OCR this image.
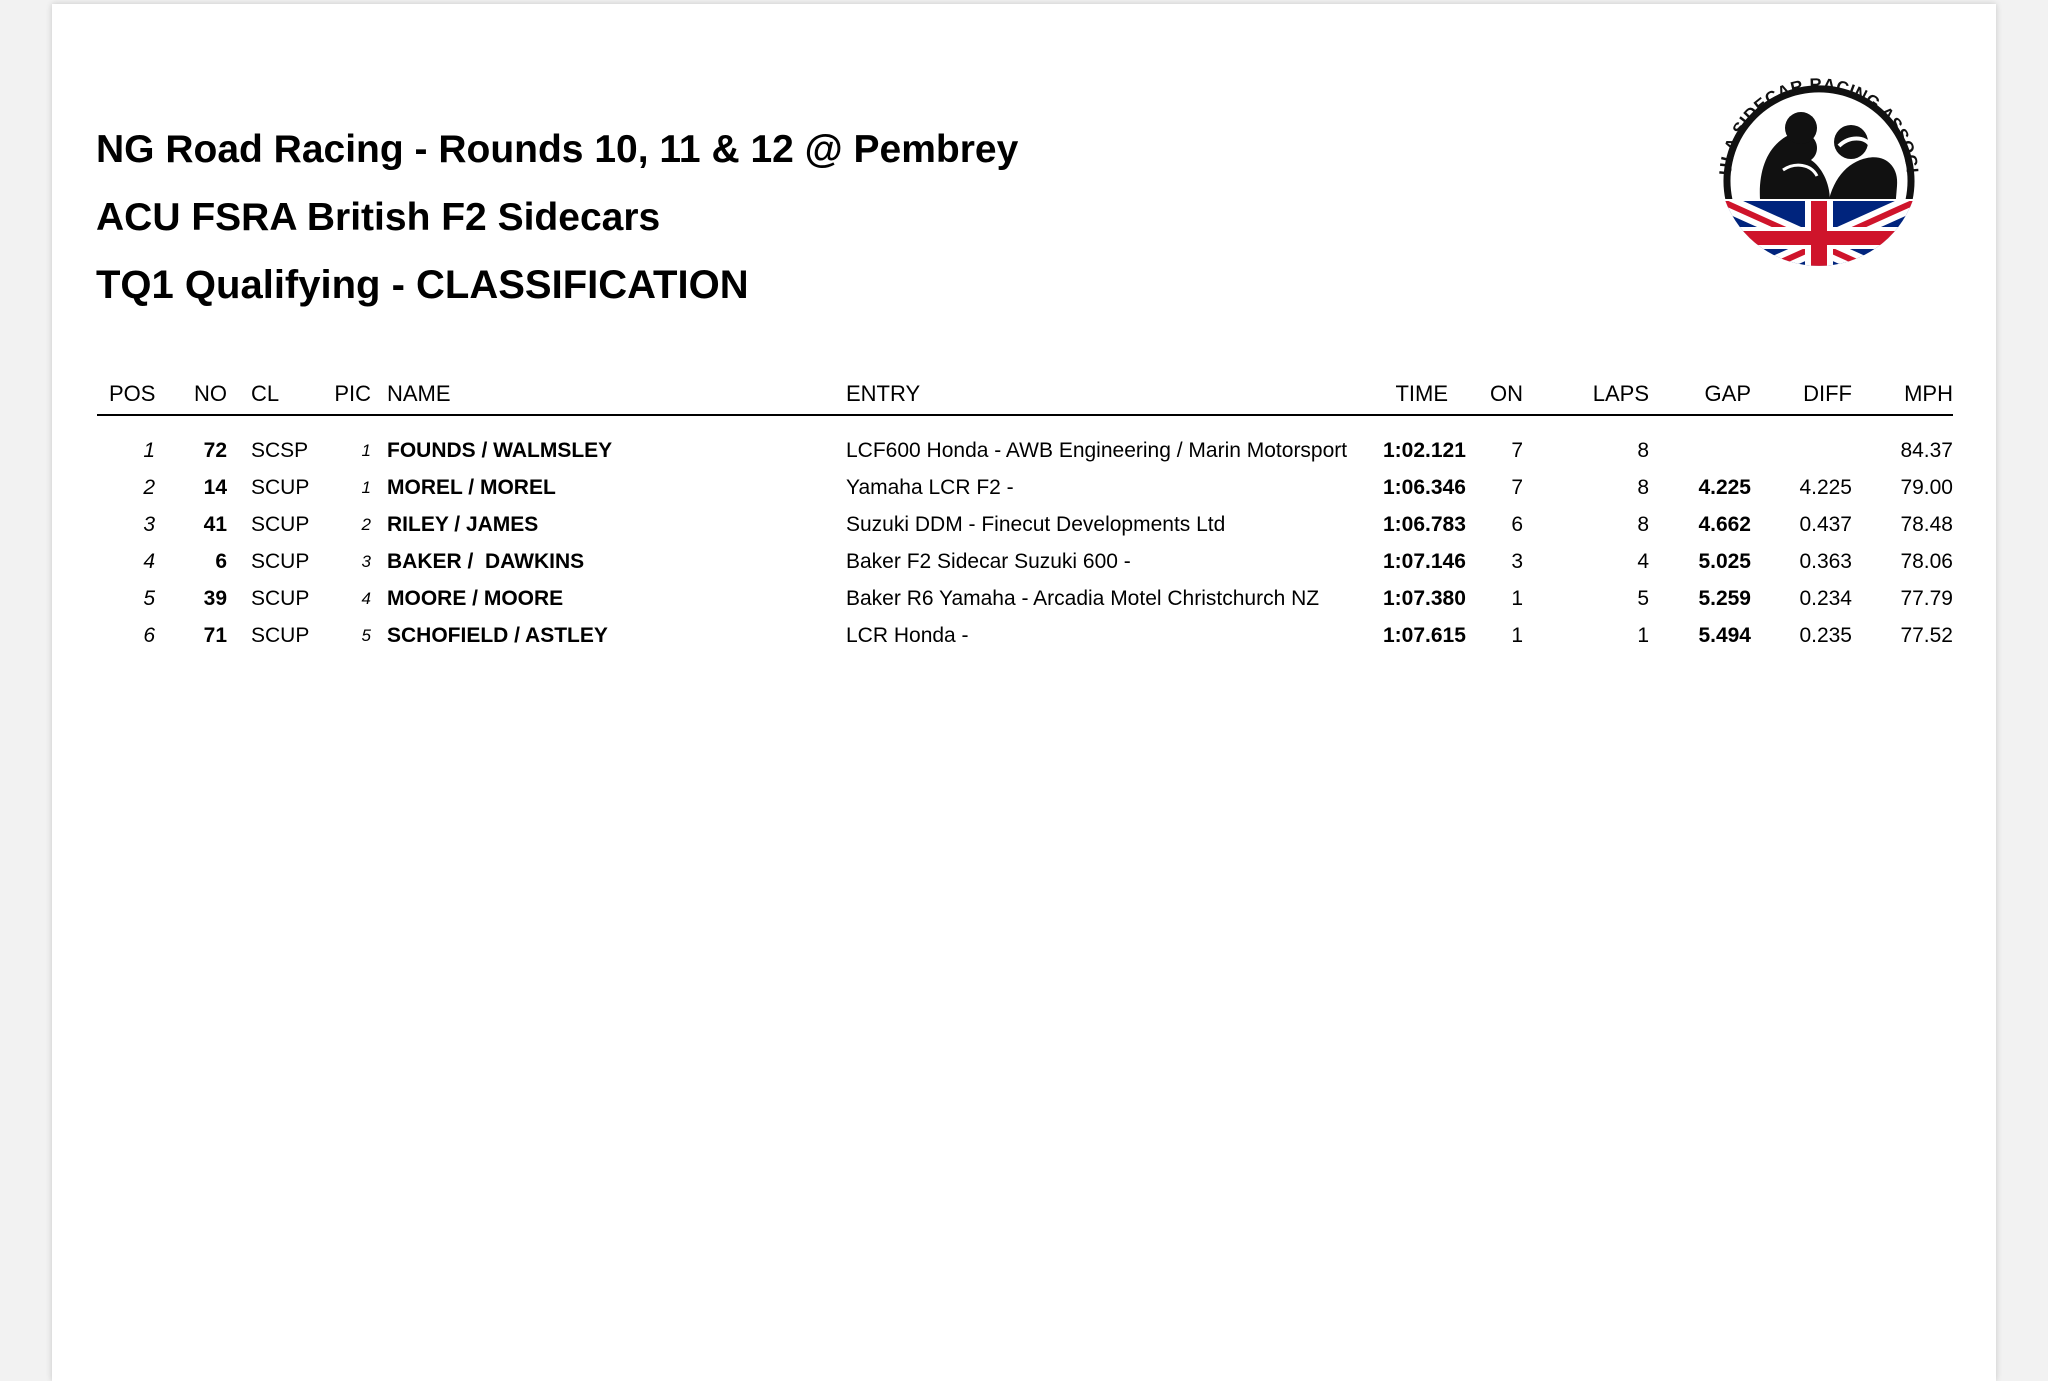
NG Road Racing - Rounds 10, 11 & 12 @ Pembrey
ACU FSRA British F2 Sidecars
TQ1 Qualifying - CLASSIFICATION
ULA SIDECAR RACING ASSOCI
POS	NO	CL	PIC	NAME	ENTRY		TIME	ON	LAPS	GAP	DIFF	MPH
1	72	SCSP	1	FOUNDS / WALMSLEY	LCF600 Honda - AWB Engineering / Marin Motorsport		1:02.121	7	8			84.37
2	14	SCUP	1	MOREL / MOREL	Yamaha LCR F2 -		1:06.346	7	8	4.225	4.225	79.00
3	41	SCUP	2	RILEY / JAMES	Suzuki DDM - Finecut Developments Ltd		1:06.783	6	8	4.662	0.437	78.48
4	6	SCUP	3	BAKER /  DAWKINS	Baker F2 Sidecar Suzuki 600 -		1:07.146	3	4	5.025	0.363	78.06
5	39	SCUP	4	MOORE / MOORE	Baker R6 Yamaha - Arcadia Motel Christchurch NZ		1:07.380	1	5	5.259	0.234	77.79
6	71	SCUP	5	SCHOFIELD / ASTLEY	LCR Honda -		1:07.615	1	1	5.494	0.235	77.52
